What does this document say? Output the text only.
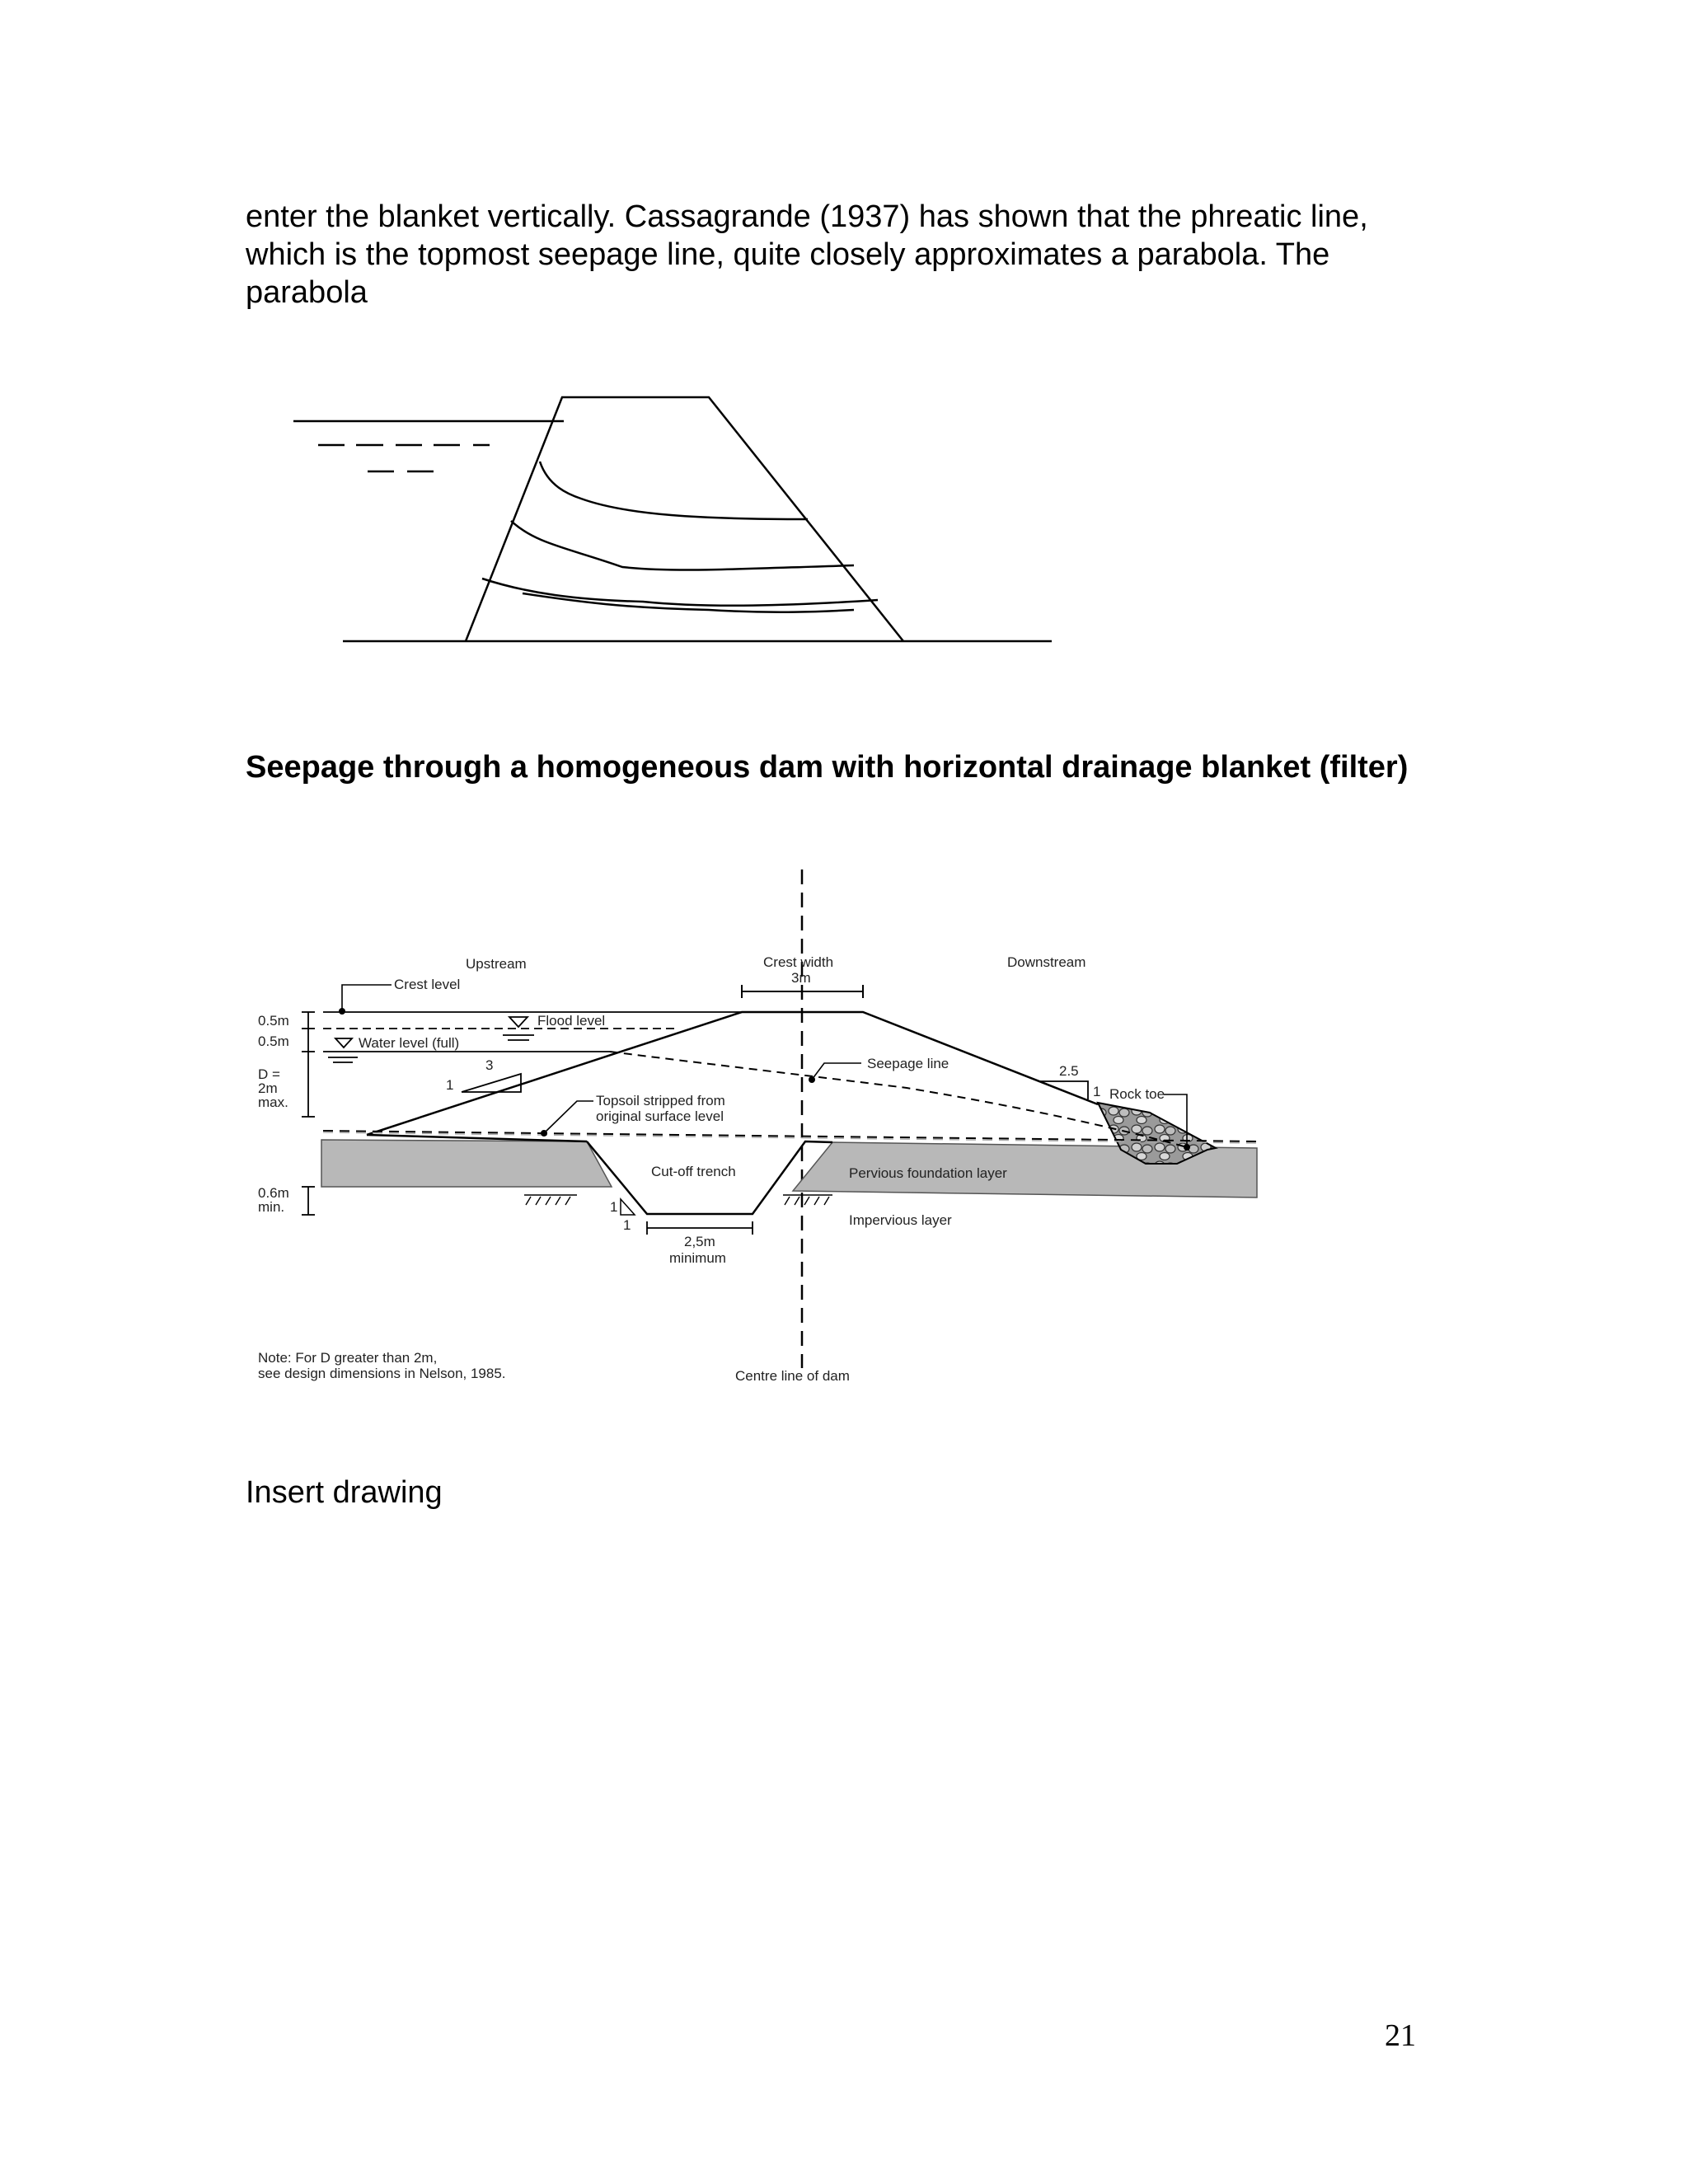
enter the blanket vertically. Cassagrande (1937) has shown that the phreatic line, which is the topmost seepage line, quite closely approximates a parabola. The parabola

Seepage through a homogeneous dam with horizontal drainage blanket (filter)

Upstream	Downstream
Crest width
3m
Crest level
Flood level
Water level (full)
0.5m
0.5m
D =
2m
max.
0.6m
min.
3
1
Seepage line	2.5
1 Rock toe
Topsoil stripped from
original surface level
Cut-off trench	Pervious foundation layer
Impervious layer
1
1
2,5m
minimum
Note: For D greater than 2m,
see design dimensions in Nelson, 1985.	Centre line of dam

Insert drawing

21
